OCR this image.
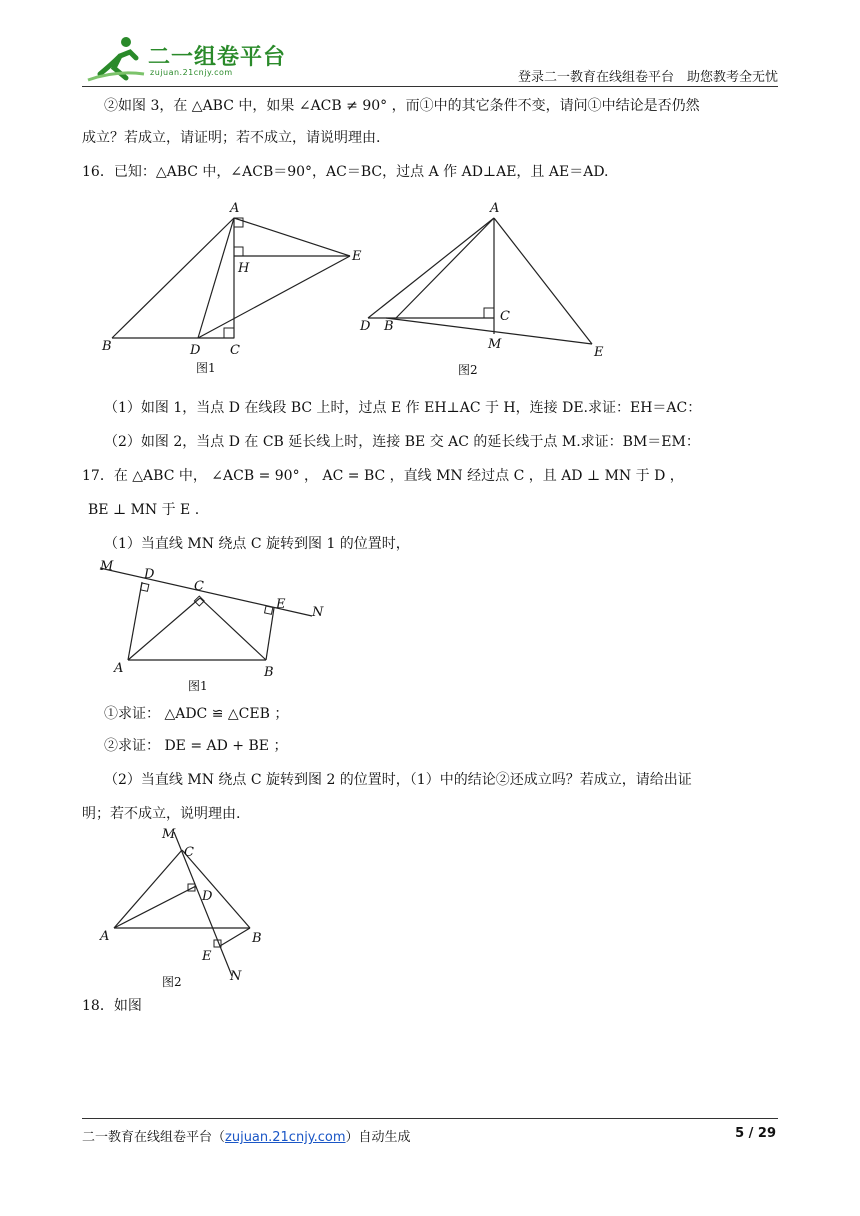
二一组卷平台
zujuan.21cnjy.com	登录二一教育在线组卷平台　助您教考全无忧
②如图 3，在 △ABC 中，如果 ∠ACB ≠ 90° ，而①中的其它条件不变，请问①中结论是否仍然
成立？若成立，请证明；若不成立，请说明理由.
16．已知：△ABC 中，∠ACB＝90°，AC＝BC，过点 A 作 AD⊥AE，且 AE＝AD.
A
B	D C
H
E
图1
A
D B
C
M
E
图2
（1）如图 1，当点 D 在线段 BC 上时，过点 E 作 EH⊥AC 于 H，连接 DE.求证：EH＝AC：
（2）如图 2，当点 D 在 CB 延长线上时，连接 BE 交 AC 的延长线于点 M.求证：BM＝EM：
17．在 △ABC 中， ∠ACB = 90° ， AC = BC ，直线 MN 经过点 C ，且 AD ⊥ MN 于 D ，
BE ⊥ MN 于 E .
（1）当直线 MN 绕点 C 旋转到图 1 的位置时，
M
D
C
E
N
A	B
图1
①求证： △ADC ≌ △CEB ；
②求证： DE = AD + BE ；
（2）当直线 MN 绕点 C 旋转到图 2 的位置时，（1）中的结论②还成立吗？若成立，请给出证
明；若不成立，说明理由.
M
C
D
A	B
E
N
图2
18．如图
二一教育在线组卷平台（zujuan.21cnjy.com）自动生成	5 / 29
